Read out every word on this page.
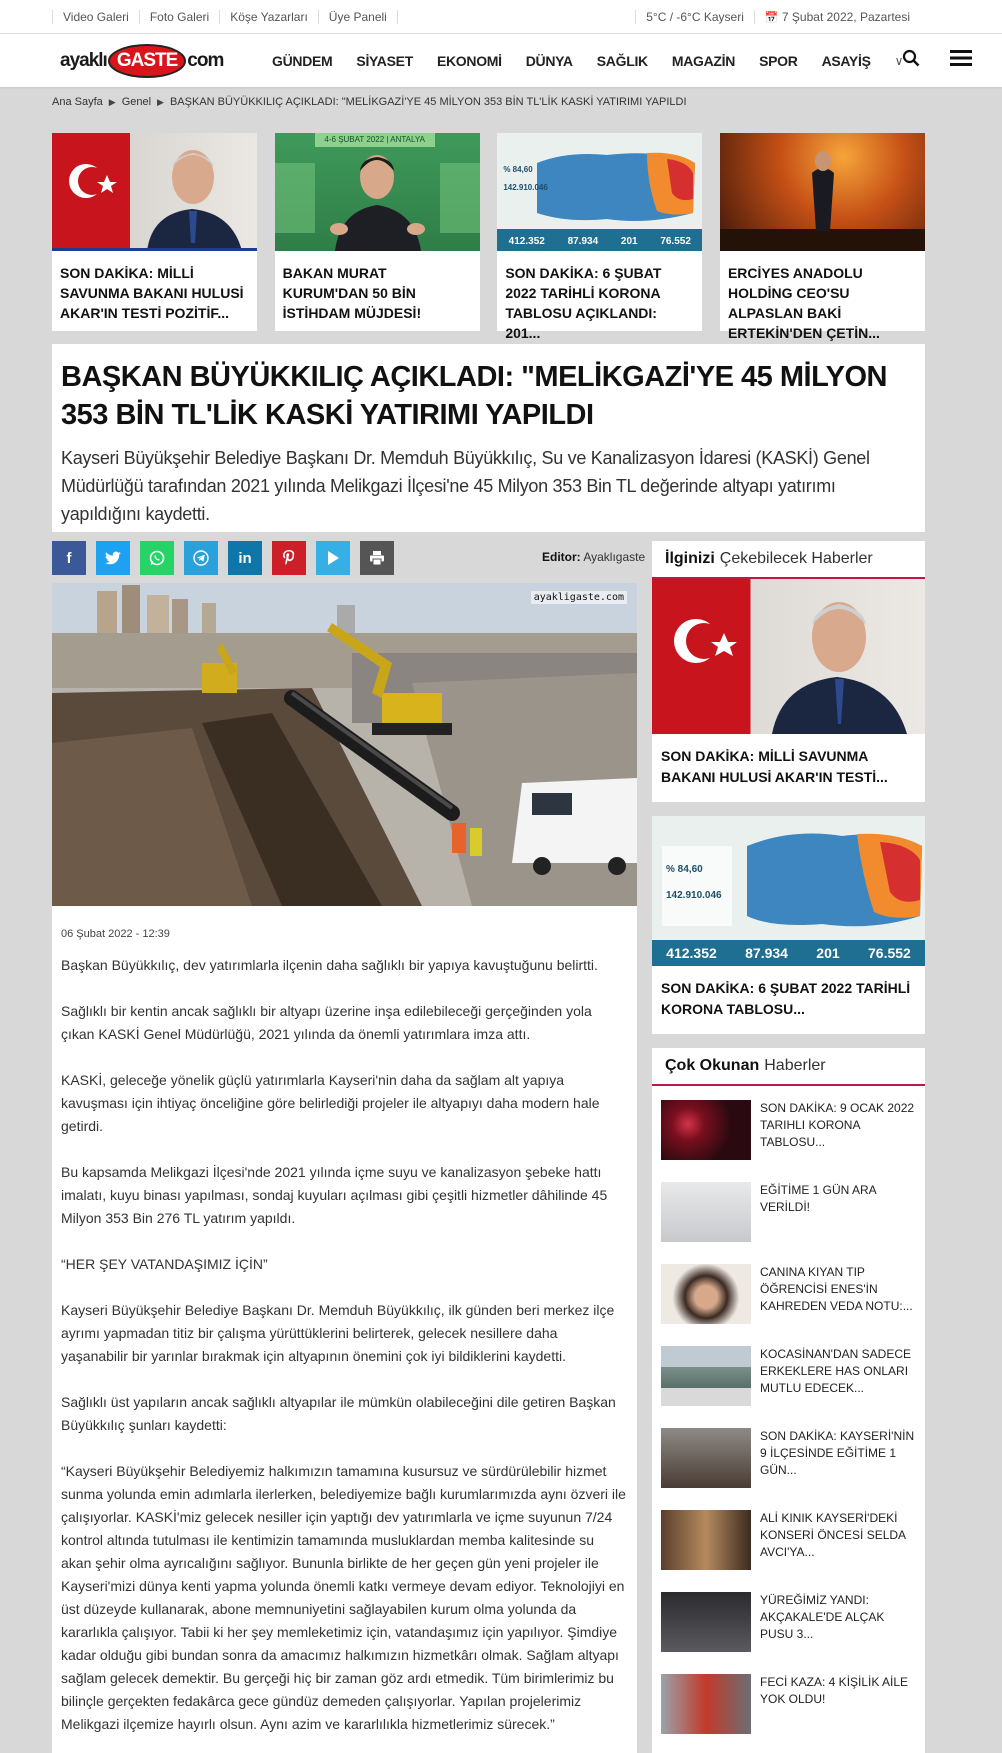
Video Galeri	Foto Galeri	Köşe Yazarları	Üye Paneli	5°C / -6°C Kayseri	📅 7 Şubat 2022, Pazartesi
ayaklı GASTE com	GÜNDEM SİYASET EKONOMİ DÜNYA SAĞLIK MAGAZİN SPOR ASAYİŞ ∨
Ana Sayfa ▶ Genel ▶ BAŞKAN BÜYÜKKILIÇ AÇIKLADI: "MELİKGAZİ'YE 45 MİLYON 353 BİN TL'LİK KASKİ YATIRIMI YAPILDI
SON DAKİKA: MİLLİ SAVUNMA BAKANI HULUSİ AKAR'IN TESTİ POZİTİF...
4-6 ŞUBAT 2022 | ANTALYA
BAKAN MURAT KURUM'DAN 50 BİN İSTİHDAM MÜJDESİ!
% 84,60
142.910.046
412.352 87.934 201 76.552
SON DAKİKA: 6 ŞUBAT 2022 TARİHLİ KORONA TABLOSU AÇIKLANDI: 201...
ERCİYES ANADOLU HOLDİNG CEO'SU ALPASLAN BAKİ ERTEKİN'DEN ÇETİN...
BAŞKAN BÜYÜKKILIÇ AÇIKLADI: "MELİKGAZİ'YE 45 MİLYON 353 BİN TL'LİK KASKİ YATIRIMI YAPILDI

Kayseri Büyükşehir Belediye Başkanı Dr. Memduh Büyükkılıç, Su ve Kanalizasyon İdaresi (KASKİ) Genel Müdürlüğü tarafından 2021 yılında Melikgazi İlçesi'ne 45 Milyon 353 Bin TL değerinde altyapı yatırımı yapıldığını kaydetti.

f	in	Editor: Ayaklıgaste
ayakligaste.com
06 Şubat 2022 - 12:39

Başkan Büyükkılıç, dev yatırımlarla ilçenin daha sağlıklı bir yapıya kavuştuğunu belirtti.

Sağlıklı bir kentin ancak sağlıklı bir altyapı üzerine inşa edilebileceği gerçeğinden yola çıkan KASKİ Genel Müdürlüğü, 2021 yılında da önemli yatırımlara imza attı.

KASKİ, geleceğe yönelik güçlü yatırımlarla Kayseri'nin daha da sağlam alt yapıya kavuşması için ihtiyaç önceliğine göre belirlediği projeler ile altyapıyı daha modern hale getirdi.

Bu kapsamda Melikgazi İlçesi'nde 2021 yılında içme suyu ve kanalizasyon şebeke hattı imalatı, kuyu binası yapılması, sondaj kuyuları açılması gibi çeşitli hizmetler dâhilinde 45 Milyon 353 Bin 276 TL yatırım yapıldı.

“HER ŞEY VATANDAŞIMIZ İÇİN”

Kayseri Büyükşehir Belediye Başkanı Dr. Memduh Büyükkılıç, ilk günden beri merkez ilçe ayrımı yapmadan titiz bir çalışma yürüttüklerini belirterek, gelecek nesillere daha yaşanabilir bir yarınlar bırakmak için altyapının önemini çok iyi bildiklerini kaydetti.

Sağlıklı üst yapıların ancak sağlıklı altyapılar ile mümkün olabileceğini dile getiren Başkan Büyükkılıç şunları kaydetti:

“Kayseri Büyükşehir Belediyemiz halkımızın tamamına kusursuz ve sürdürülebilir hizmet sunma yolunda emin adımlarla ilerlerken, belediyemize bağlı kurumlarımızda aynı özveri ile çalışıyorlar. KASKİ'miz gelecek nesiller için yaptığı dev yatırımlarla ve içme suyunun 7/24 kontrol altında tutulması ile kentimizin tamamında musluklardan memba kalitesinde su akan şehir olma ayrıcalığını sağlıyor. Bununla birlikte de her geçen gün yeni projeler ile Kayseri'mizi dünya kenti yapma yolunda önemli katkı vermeye devam ediyor. Teknolojiyi en üst düzeyde kullanarak, abone memnuniyetini sağlayabilen kurum olma yolunda da kararlıkla çalışıyor. Tabii ki her şey memleketimiz için, vatandaşımız için yapılıyor. Şimdiye kadar olduğu gibi bundan sonra da amacımız halkımızın hizmetkârı olmak. Sağlam altyapı sağlam gelecek demektir. Bu gerçeği hiç bir zaman göz ardı etmedik. Tüm birimlerimiz bu bilinçle gerçekten fedakârca gece gündüz demeden çalışıyorlar. Yapılan projelerimiz Melikgazi ilçemize hayırlı olsun. Aynı azim ve kararlılıkla hizmetlerimiz sürecek.”

İlginizi Çekebilecek Haberler
SON DAKİKA: MİLLİ SAVUNMA BAKANI HULUSİ AKAR'IN TESTİ...
% 84,60
142.910.046
412.352 87.934 201 76.552
SON DAKİKA: 6 ŞUBAT 2022 TARİHLİ KORONA TABLOSU...
Çok Okunan Haberler
SON DAKİKA: 9 OCAK 2022 TARIHLI KORONA TABLOSU...
EĞİTİME 1 GÜN ARA VERİLDİ!
CANINA KIYAN TIP ÖĞRENCİSİ ENES'İN KAHREDEN VEDA NOTU:...
KOCASİNAN'DAN SADECE ERKEKLERE HAS ONLARI MUTLU EDECEK...
SON DAKİKA: KAYSERİ'NİN 9 İLÇESİNDE EĞİTİME 1 GÜN...
ALİ KINIK KAYSERİ'DEKİ KONSERİ ÖNCESİ SELDA AVCI'YA...
YÜREĞİMİZ YANDI: AKÇAKALE'DE ALÇAK PUSU 3...
FECİ KAZA: 4 KİŞİLİK AİLE YOK OLDU!
